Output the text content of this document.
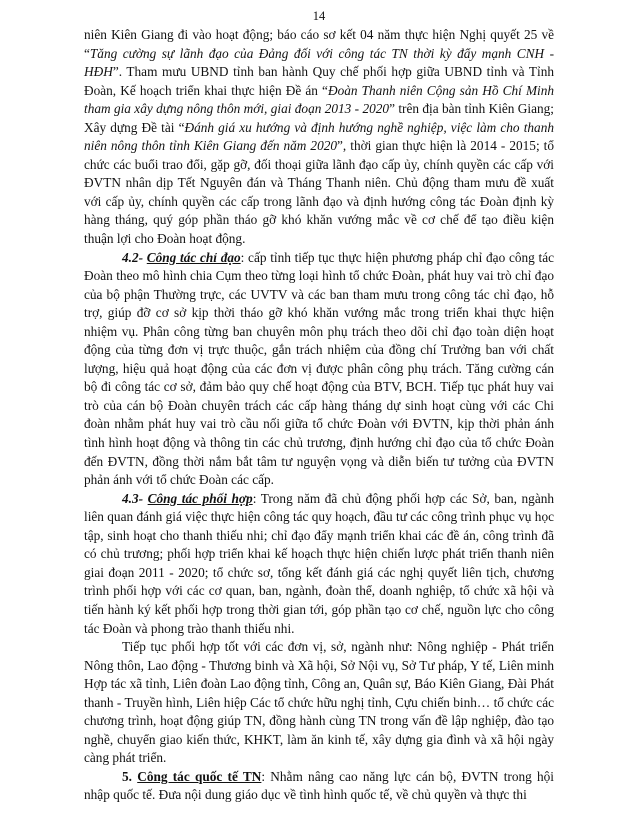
14

niên Kiên Giang đi vào hoạt động; báo cáo sơ kết 04 năm thực hiện Nghị quyết 25 về “Tăng cường sự lãnh đạo của Đảng đối với công tác TN thời kỳ đẩy mạnh CNH - HĐH”. Tham mưu UBND tỉnh ban hành Quy chế phối hợp giữa UBND tỉnh và Tỉnh Đoàn, Kế hoạch triển khai thực hiện Đề án “Đoàn Thanh niên Cộng sản Hồ Chí Minh tham gia xây dựng nông thôn mới, giai đoạn 2013 - 2020” trên địa bàn tỉnh Kiên Giang; Xây dựng Đề tài “Đánh giá xu hướng và định hướng nghề nghiệp, việc làm cho thanh niên nông thôn tỉnh Kiên Giang đến năm 2020”, thời gian thực hiện là 2014 - 2015; tổ chức các buổi trao đổi, gặp gỡ, đối thoại giữa lãnh đạo cấp ủy, chính quyền các cấp với ĐVTN nhân dịp Tết Nguyên đán và Tháng Thanh niên. Chủ động tham mưu đề xuất với cấp ủy, chính quyền các cấp trong lãnh đạo và định hướng công tác Đoàn định kỳ hàng tháng, quý góp phần tháo gỡ khó khăn vướng mắc về cơ chế để tạo điều kiện thuận lợi cho Đoàn hoạt động.

4.2- Công tác chỉ đạo: cấp tỉnh tiếp tục thực hiện phương pháp chỉ đạo công tác Đoàn theo mô hình chia Cụm theo từng loại hình tổ chức Đoàn, phát huy vai trò chỉ đạo của bộ phận Thường trực, các UVTV và các ban tham mưu trong công tác chỉ đạo, hỗ trợ, giúp đỡ cơ sở kịp thời tháo gỡ khó khăn vướng mắc trong triển khai thực hiện nhiệm vụ. Phân công từng ban chuyên môn phụ trách theo dõi chỉ đạo toàn diện hoạt động của từng đơn vị trực thuộc, gắn trách nhiệm của đồng chí Trưởng ban với chất lượng, hiệu quả hoạt động của các đơn vị được phân công phụ trách. Tăng cường cán bộ đi công tác cơ sở, đảm bảo quy chế hoạt động của BTV, BCH. Tiếp tục phát huy vai trò của cán bộ Đoàn chuyên trách các cấp hàng tháng dự sinh hoạt cùng với các Chi đoàn nhằm phát huy vai trò cầu nối giữa tổ chức Đoàn với ĐVTN, kịp thời phản ánh tình hình hoạt động và thông tin các chủ trương, định hướng chỉ đạo của tổ chức Đoàn đến ĐVTN, đồng thời nắm bắt tâm tư nguyện vọng và diễn biến tư tưởng của ĐVTN phản ánh với tổ chức Đoàn các cấp.

4.3- Công tác phối hợp: Trong năm đã chủ động phối hợp các Sở, ban, ngành liên quan đánh giá việc thực hiện công tác quy hoạch, đầu tư các công trình phục vụ học tập, sinh hoạt cho thanh thiếu nhi; chỉ đạo đẩy mạnh triển khai các đề án, công trình đã có chủ trương; phối hợp triển khai kế hoạch thực hiện chiến lược phát triển thanh niên giai đoạn 2011 - 2020; tổ chức sơ, tổng kết đánh giá các nghị quyết liên tịch, chương trình phối hợp với các cơ quan, ban, ngành, đoàn thể, doanh nghiệp, tổ chức xã hội và tiến hành ký kết phối hợp trong thời gian tới, góp phần tạo cơ chế, nguồn lực cho công tác Đoàn và phong trào thanh thiếu nhi.

Tiếp tục phối hợp tốt với các đơn vị, sở, ngành như: Nông nghiệp - Phát triển Nông thôn, Lao động - Thương binh và Xã hội, Sở Nội vụ, Sở Tư pháp, Y tế, Liên minh Hợp tác xã tỉnh, Liên đoàn Lao động tỉnh, Công an, Quân sự, Báo Kiên Giang, Đài Phát thanh - Truyền hình, Liên hiệp Các tổ chức hữu nghị tỉnh, Cựu chiến binh… tổ chức các chương trình, hoạt động giúp TN, đồng hành cùng TN trong vấn đề lập nghiệp, đào tạo nghề, chuyển giao kiến thức, KHKT, làm ăn kinh tế, xây dựng gia đình và xã hội ngày càng phát triển.

5. Công tác quốc tế TN: Nhằm nâng cao năng lực cán bộ, ĐVTN trong hội nhập quốc tế. Đưa nội dung giáo dục về tình hình quốc tế, về chủ quyền và thực thi
